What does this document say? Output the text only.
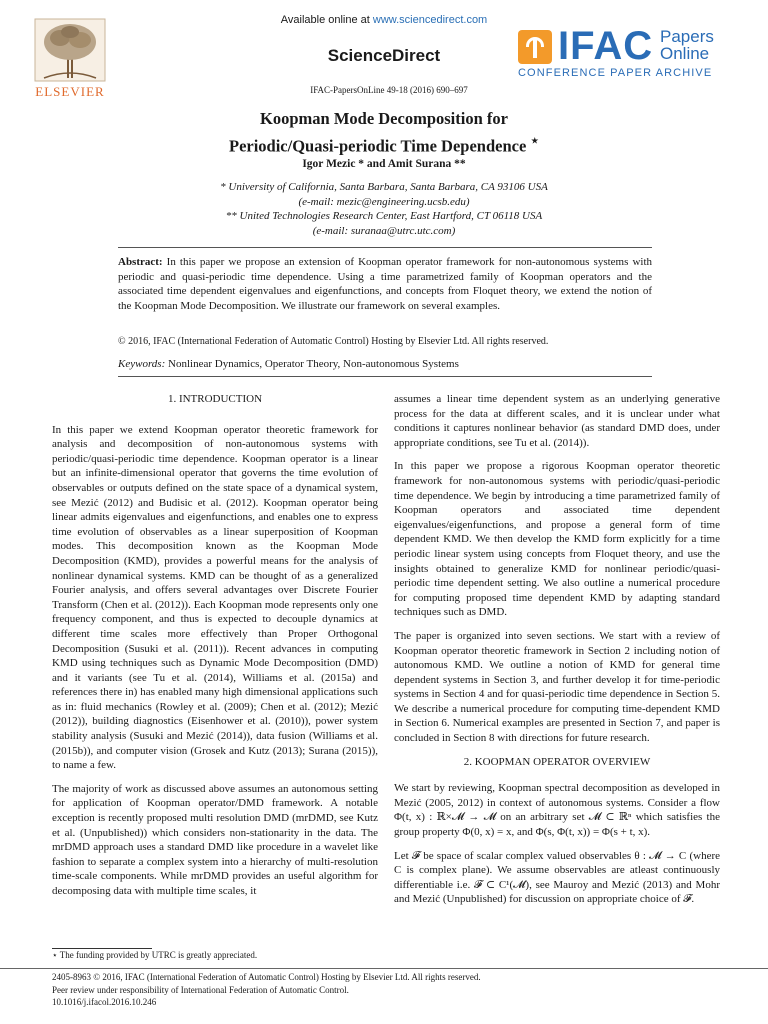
ELSEVIER
Available online at www.sciencedirect.com
ScienceDirect
IFAC-PapersOnLine 49-18 (2016) 690–697
IFAC Papers
Online
CONFERENCE PAPER ARCHIVE
Koopman Mode Decomposition for
Periodic/Quasi-periodic Time Dependence ⋆
Igor Mezic * and Amit Surana **
* University of California, Santa Barbara, Santa Barbara, CA 93106 USA
(e-mail: mezic@engineering.ucsb.edu)
** United Technologies Research Center, East Hartford, CT 06118 USA
(e-mail: suranaa@utrc.utc.com)
Abstract: In this paper we propose an extension of Koopman operator framework for non-autonomous systems with periodic and quasi-periodic time dependence. Using a time parametrized family of Koopman operators and the associated time dependent eigenvalues and eigenfunctions, and concepts from Floquet theory, we extend the notion of the Koopman Mode Decomposition. We illustrate our framework on several examples.
© 2016, IFAC (International Federation of Automatic Control) Hosting by Elsevier Ltd. All rights reserved.
Keywords: Nonlinear Dynamics, Operator Theory, Non-autonomous Systems
1. INTRODUCTION

In this paper we extend Koopman operator theoretic framework for analysis and decomposition of non-autonomous systems with periodic/quasi-periodic time dependence. Koopman operator is a linear but an infinite-dimensional operator that governs the time evolution of observables or outputs defined on the state space of a dynamical system, see Mezić (2012) and Budisic et al. (2012). Koopman operator being linear admits eigenvalues and eigenfunctions, and enables one to express time evolution of observables as a linear superposition of Koopman modes. This decomposition known as the Koopman Mode Decomposition (KMD), provides a powerful means for the analysis of nonlinear dynamical systems. KMD can be thought of as a generalized Fourier analysis, and offers several advantages over Discrete Fourier Transform (Chen et al. (2012)). Each Koopman mode represents only one frequency component, and thus is expected to decouple dynamics at different time scales more effectively than Proper Orthogonal Decomposition (Susuki et al. (2011)). Recent advances in computing KMD using techniques such as Dynamic Mode Decomposition (DMD) and it variants (see Tu et al. (2014), Williams et al. (2015a) and references there in) has enabled many high dimensional applications such as in: fluid mechanics (Rowley et al. (2009); Chen et al. (2012); Mezić (2012)), building diagnostics (Eisenhower et al. (2010)), power system stability analysis (Susuki and Mezić (2014)), data fusion (Williams et al. (2015b)), and computer vision (Grosek and Kutz (2013); Surana (2015)), to name a few.

The majority of work as discussed above assumes an autonomous setting for application of Koopman operator/DMD framework. A notable exception is recently proposed multi resolution DMD (mrDMD, see Kutz et al. (Unpublished)) which considers non-stationarity in the data. The mrDMD approach uses a standard DMD like procedure in a wavelet like fashion to separate a complex system into a hierarchy of multi-resolution time-scale components. While mrDMD provides an useful algorithm for decomposing data with multiple time scales, it

assumes a linear time dependent system as an underlying generative process for the data at different scales, and it is unclear under what conditions it captures nonlinear behavior (as standard DMD does, under appropriate conditions, see Tu et al. (2014)).

In this paper we propose a rigorous Koopman operator theoretic framework for non-autonomous systems with periodic/quasi-periodic time dependence. We begin by introducing a time parametrized family of Koopman operators and associated time dependent eigenvalues/eigenfunctions, and propose a general form of time dependent KMD. We then develop the KMD form explicitly for a time periodic linear system using concepts from Floquet theory, and use the insights obtained to generalize KMD for nonlinear periodic/quasi-periodic time dependent setting. We also outline a numerical procedure for computing proposed time dependent KMD by adapting standard techniques such as DMD.

The paper is organized into seven sections. We start with a review of Koopman operator theoretic framework in Section 2 including notion of autonomous KMD. We outline a notion of KMD for general time dependent systems in Section 3, and further develop it for time-periodic systems in Section 4 and for quasi-periodic time dependence in Section 5. We describe a numerical procedure for computing time-dependent KMD in Section 6. Numerical examples are presented in Section 7, and paper is concluded in Section 8 with directions for future research.

2. KOOPMAN OPERATOR OVERVIEW

We start by reviewing, Koopman spectral decomposition as developed in Mezić (2005, 2012) in context of autonomous systems. Consider a flow Φ(t, x) : ℝ×𝓜 → 𝓜 on an arbitrary set 𝓜 ⊂ ℝⁿ which satisfies the group property Φ(0, x) = x, and Φ(s, Φ(t, x)) = Φ(s + t, x).

Let 𝓕 be space of scalar complex valued observables θ : 𝓜 → C (where C is complex plane). We assume observables are atleast continuously differentiable i.e. 𝓕 ⊂ C¹(𝓜), see Mauroy and Mezić (2013) and Mohr and Mezić (Unpublished) for discussion on appropriate choice of 𝓕.

⋆ The funding provided by UTRC is greatly appreciated.
2405-8963 © 2016, IFAC (International Federation of Automatic Control) Hosting by Elsevier Ltd. All rights reserved.
Peer review under responsibility of International Federation of Automatic Control.
10.1016/j.ifacol.2016.10.246
